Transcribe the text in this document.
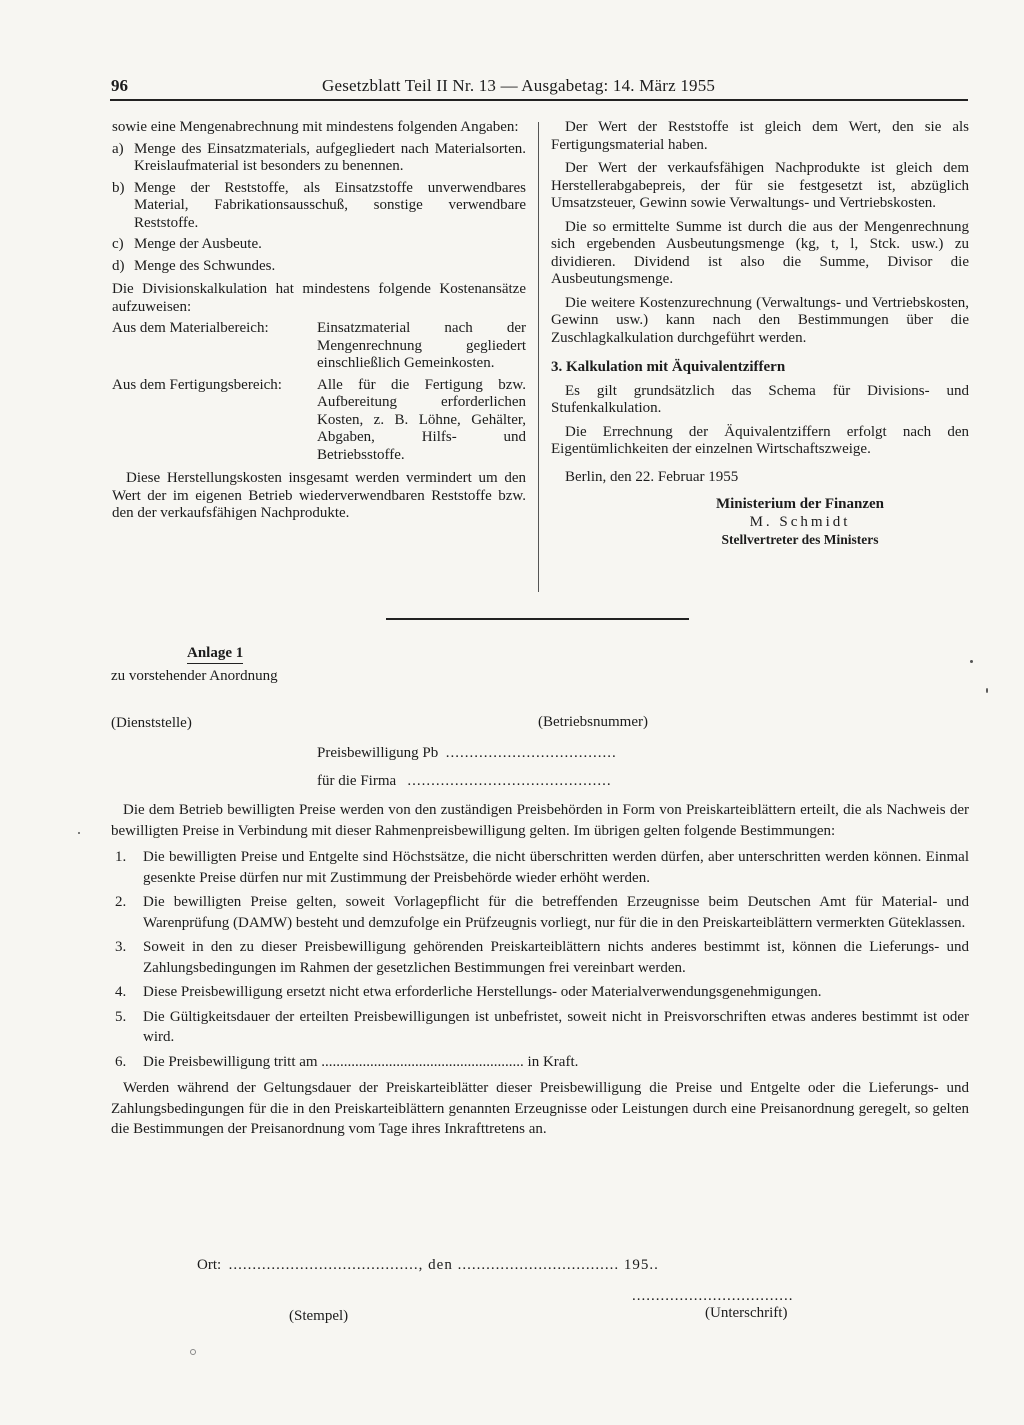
96	Gesetzblatt Teil II Nr. 13 — Ausgabetag: 14. März 1955

sowie eine Mengenabrechnung mit mindestens folgenden Angaben:

a) Menge des Einsatzmaterials, aufgegliedert nach Materialsorten. Kreislaufmaterial ist besonders zu benennen.
b) Menge der Reststoffe, als Einsatzstoffe unverwendbares Material, Fabrikationsausschuß, sonstige verwendbare Reststoffe.
c) Menge der Ausbeute.
d) Menge des Schwundes.

Die Divisionskalkulation hat mindestens folgende Kostenansätze aufzuweisen:

Aus dem Materialbereich:	Einsatzmaterial nach der Mengenrechnung gegliedert einschließlich Gemeinkosten.
Aus dem Fertigungsbereich:	Alle für die Fertigung bzw. Aufbereitung erforderlichen Kosten, z. B. Löhne, Gehälter, Abgaben, Hilfs- und Betriebsstoffe.

Diese Herstellungskosten insgesamt werden vermindert um den Wert der im eigenen Betrieb wiederverwendbaren Reststoffe bzw. den der verkaufsfähigen Nachprodukte.

Der Wert der Reststoffe ist gleich dem Wert, den sie als Fertigungsmaterial haben.

Der Wert der verkaufsfähigen Nachprodukte ist gleich dem Herstellerabgabepreis, der für sie festgesetzt ist, abzüglich Umsatzsteuer, Gewinn sowie Verwaltungs- und Vertriebskosten.

Die so ermittelte Summe ist durch die aus der Mengenrechnung sich ergebenden Ausbeutungsmenge (kg, t, l, Stck. usw.) zu dividieren. Dividend ist also die Summe, Divisor die Ausbeutungsmenge.

Die weitere Kostenzurechnung (Verwaltungs- und Vertriebskosten, Gewinn usw.) kann nach den Bestimmungen über die Zuschlagkalkulation durchgeführt werden.

3. Kalkulation mit Äquivalentziffern

Es gilt grundsätzlich das Schema für Divisions- und Stufenkalkulation.

Die Errechnung der Äquivalentziffern erfolgt nach den Eigentümlichkeiten der einzelnen Wirtschaftszweige.

Berlin, den 22. Februar 1955

Ministerium der Finanzen
M. Schmidt
Stellvertreter des Ministers
Anlage 1
zu vorstehender Anordnung
(Dienststelle)	(Betriebsnummer)
Preisbewilligung Pb ....................................
für die Firma ...........................................

Die dem Betrieb bewilligten Preise werden von den zuständigen Preisbehörden in Form von Preiskarteiblättern erteilt, die als Nachweis der bewilligten Preise in Verbindung mit dieser Rahmenpreisbewilligung gelten. Im übrigen gelten folgende Bestimmungen:

1.	Die bewilligten Preise und Entgelte sind Höchstsätze, die nicht überschritten werden dürfen, aber unterschritten werden können. Einmal gesenkte Preise dürfen nur mit Zustimmung der Preisbehörde wieder erhöht werden.
2.	Die bewilligten Preise gelten, soweit Vorlagepflicht für die betreffenden Erzeugnisse beim Deutschen Amt für Material- und Warenprüfung (DAMW) besteht und demzufolge ein Prüfzeugnis vorliegt, nur für die in den Preiskarteiblättern vermerkten Güteklassen.
3.	Soweit in den zu dieser Preisbewilligung gehörenden Preiskarteiblättern nichts anderes bestimmt ist, können die Lieferungs- und Zahlungsbedingungen im Rahmen der gesetzlichen Bestimmungen frei vereinbart werden.
4.	Diese Preisbewilligung ersetzt nicht etwa erforderliche Herstellungs- oder Materialverwendungsgenehmigungen.
5.	Die Gültigkeitsdauer der erteilten Preisbewilligungen ist unbefristet, soweit nicht in Preisvorschriften etwas anderes bestimmt ist oder wird.
6.	Die Preisbewilligung tritt am ...................................................... in Kraft.

Werden während der Geltungsdauer der Preiskarteiblätter dieser Preisbewilligung die Preise und Entgelte oder die Lieferungs- und Zahlungsbedingungen für die in den Preiskarteiblättern genannten Erzeugnisse oder Leistungen durch eine Preisanordnung geregelt, so gelten die Bestimmungen der Preisanordnung vom Tage ihres Inkrafttretens an.

Ort: ........................................, den .................................. 195..
..................................
(Stempel)	(Unterschrift)
